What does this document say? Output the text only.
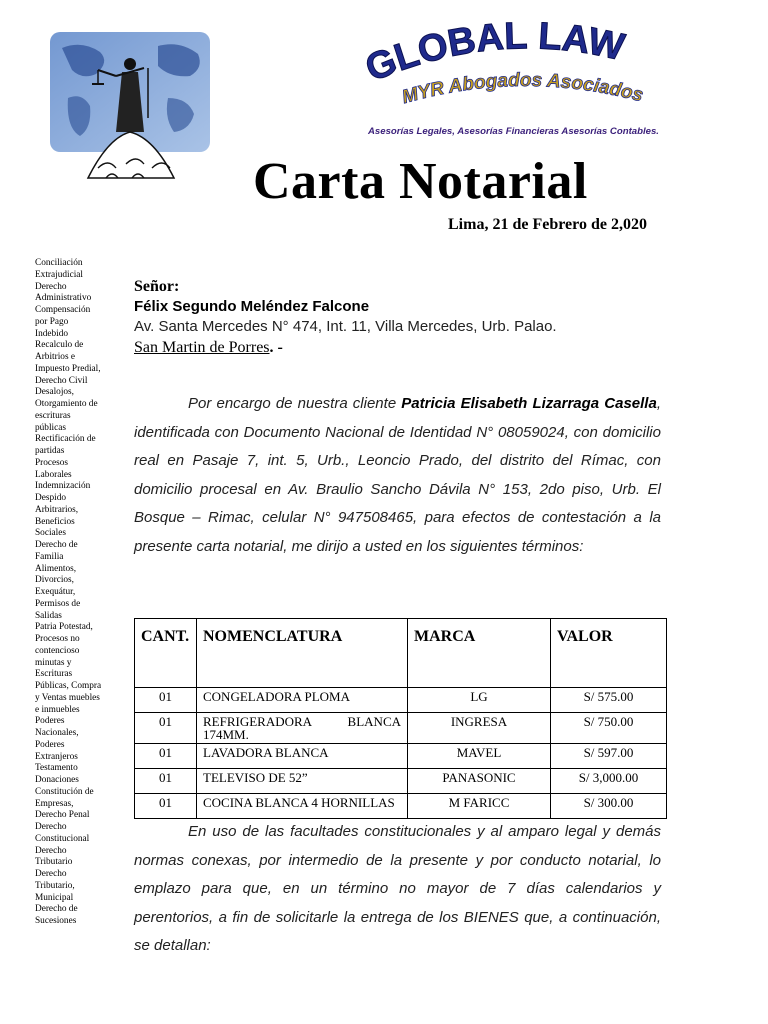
GLOBAL LAW
MYR Abogados Asociados
Asesorías Legales, Asesorías Financieras Asesorías Contables.
Carta Notarial
Lima, 21 de Febrero de 2,020
Conciliación
Extrajudicial
Derecho
Administrativo
Compensación
por Pago
Indebido
Recalculo de
Arbitrios e
Impuesto Predial,
Derecho Civil
Desalojos,
Otorgamiento de
escrituras
públicas
Rectificación de
partidas
Procesos
Laborales
Indemnización
Despido
Arbitrarios,
Beneficios
Sociales
Derecho de
Familia
Alimentos,
Divorcios,
Exequátur,
Permisos de
Salidas
Patria Potestad,
Procesos no
contencioso
minutas y
Escrituras
Públicas, Compra
y Ventas muebles
e inmuebles
Poderes
Nacionales,
Poderes
Extranjeros
Testamento
Donaciones
Constitución de
Empresas,
Derecho Penal
Derecho
Constitucional
Derecho
Tributario
Derecho
Tributario,
Municipal
Derecho de
Sucesiones
Señor:
Félix Segundo Meléndez Falcone
Av. Santa Mercedes N° 474, Int. 11, Villa Mercedes, Urb. Palao.
San Martin de Porres. -

Por encargo de nuestra cliente Patricia Elisabeth Lizarraga Casella, identificada con Documento Nacional de Identidad N° 08059024, con domicilio real en Pasaje 7, int. 5, Urb., Leoncio Prado, del distrito del Rímac, con domicilio procesal en Av. Braulio Sancho Dávila N° 153, 2do piso, Urb. El Bosque – Rimac, celular N° 947508465, para efectos de contestación a la presente carta notarial, me dirijo a usted en los siguientes términos:

CANT.	NOMENCLATURA	MARCA	VALOR
01	CONGELADORA PLOMA	LG	S/ 575.00
01	REFRIGERADORA BLANCA 174MM.	INGRESA	S/ 750.00
01	LAVADORA BLANCA	MAVEL	S/ 597.00
01	TELEVISO DE 52”	PANASONIC	S/ 3,000.00
01	COCINA BLANCA 4 HORNILLAS	M FARICC	S/ 300.00

En uso de las facultades constitucionales y al amparo legal y demás normas conexas, por intermedio de la presente y por conducto notarial, lo emplazo para que, en un término no mayor de 7 días calendarios y perentorios, a fin de solicitarle la entrega de los BIENES que, a continuación, se detallan:
